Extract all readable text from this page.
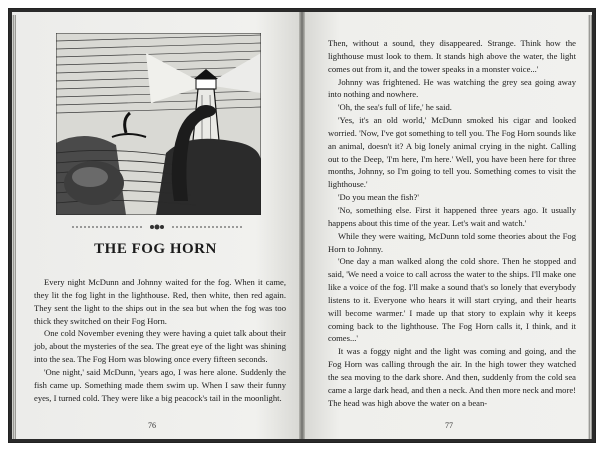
THE FOG HORN

Every night McDunn and Johnny waited for the fog. When it came, they lit the fog light in the lighthouse. Red, then white, then red again. They sent the light to the ships out in the sea but when the fog was too thick they switched on their Fog Horn.

One cold November evening they were having a quiet talk about their job, about the mysteries of the sea. The great eye of the light was shining into the sea. The Fog Horn was blowing once every fifteen seconds.

'One night,' said McDunn, 'years ago, I was here alone. Suddenly the fish came up. Something made them swim up. When I saw their funny eyes, I turned cold. They were like a big peacock's tail in the moonlight.

76

Then, without a sound, they disappeared. Strange. Think how the lighthouse must look to them. It stands high above the water, the light comes out from it, and the tower speaks in a monster voice...'

Johnny was frightened. He was watching the grey sea going away into nothing and nowhere.

'Oh, the sea's full of life,' he said.

'Yes, it's an old world,' McDunn smoked his cigar and looked worried. 'Now, I've got something to tell you. The Fog Horn sounds like an animal, doesn't it? A big lonely animal crying in the night. Calling out to the Deep, 'I'm here, I'm here.' Well, you have been here for three months, Johnny, so I'm going to tell you. Something comes to visit the lighthouse.'

'Do you mean the fish?'

'No, something else. First it happened three years ago. It usually happens about this time of the year. Let's wait and watch.'

While they were waiting, McDunn told some theories about the Fog Horn to Johnny.

'One day a man walked along the cold shore. Then he stopped and said, 'We need a voice to call across the water to the ships. I'll make one like a voice of the fog. I'll make a sound that's so lonely that everybody listens to it. Everyone who hears it will start crying, and their hearts will become warmer.' I made up that story to explain why it keeps coming back to the lighthouse. The Fog Horn calls it, I think, and it comes...'

It was a foggy night and the light was coming and going, and the Fog Horn was calling through the air. In the high tower they watched the sea moving to the dark shore. And then, suddenly from the cold sea came a large dark head, and then a neck. And then more neck and more! The head was high above the water on a bean-

77
